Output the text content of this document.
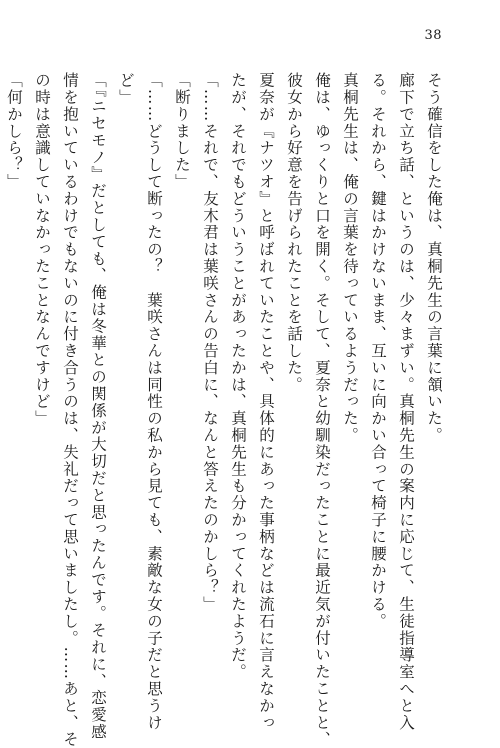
38
そう確信をした俺は、真桐先生の言葉に頷いた。
廊下で立ち話、というのは、少々まずい。真桐先生の案内に応じて、生徒指導室へと入
る。それから、鍵はかけないまま、互いに向かい合って椅子に腰かける。
真桐先生は、俺の言葉を待っているようだった。
俺は、ゆっくりと口を開く。そして、夏奈と幼馴染だったことに最近気が付いたことと、
彼女から好意を告げられたことを話した。
夏奈が『ナツオ』と呼ばれていたことや、具体的にあった事柄などは流石に言えなかっ
たが、それでもどういうことがあったかは、真桐先生も分かってくれたようだ。
「……それで、友木君は葉咲さんの告白に、なんと答えたのかしら？」
「断りました」
「……どうして断ったの？　葉咲さんは同性の私から見ても、素敵な女の子だと思うけ
ど」
「『ニセモノ』だとしても、俺は冬華との関係が大切だと思ったんです。それに、恋愛感
情を抱いているわけでもないのに付き合うのは、失礼だって思いましたし。……あと、そ
の時は意識していなかったことなんですけど」
「何かしら？」
